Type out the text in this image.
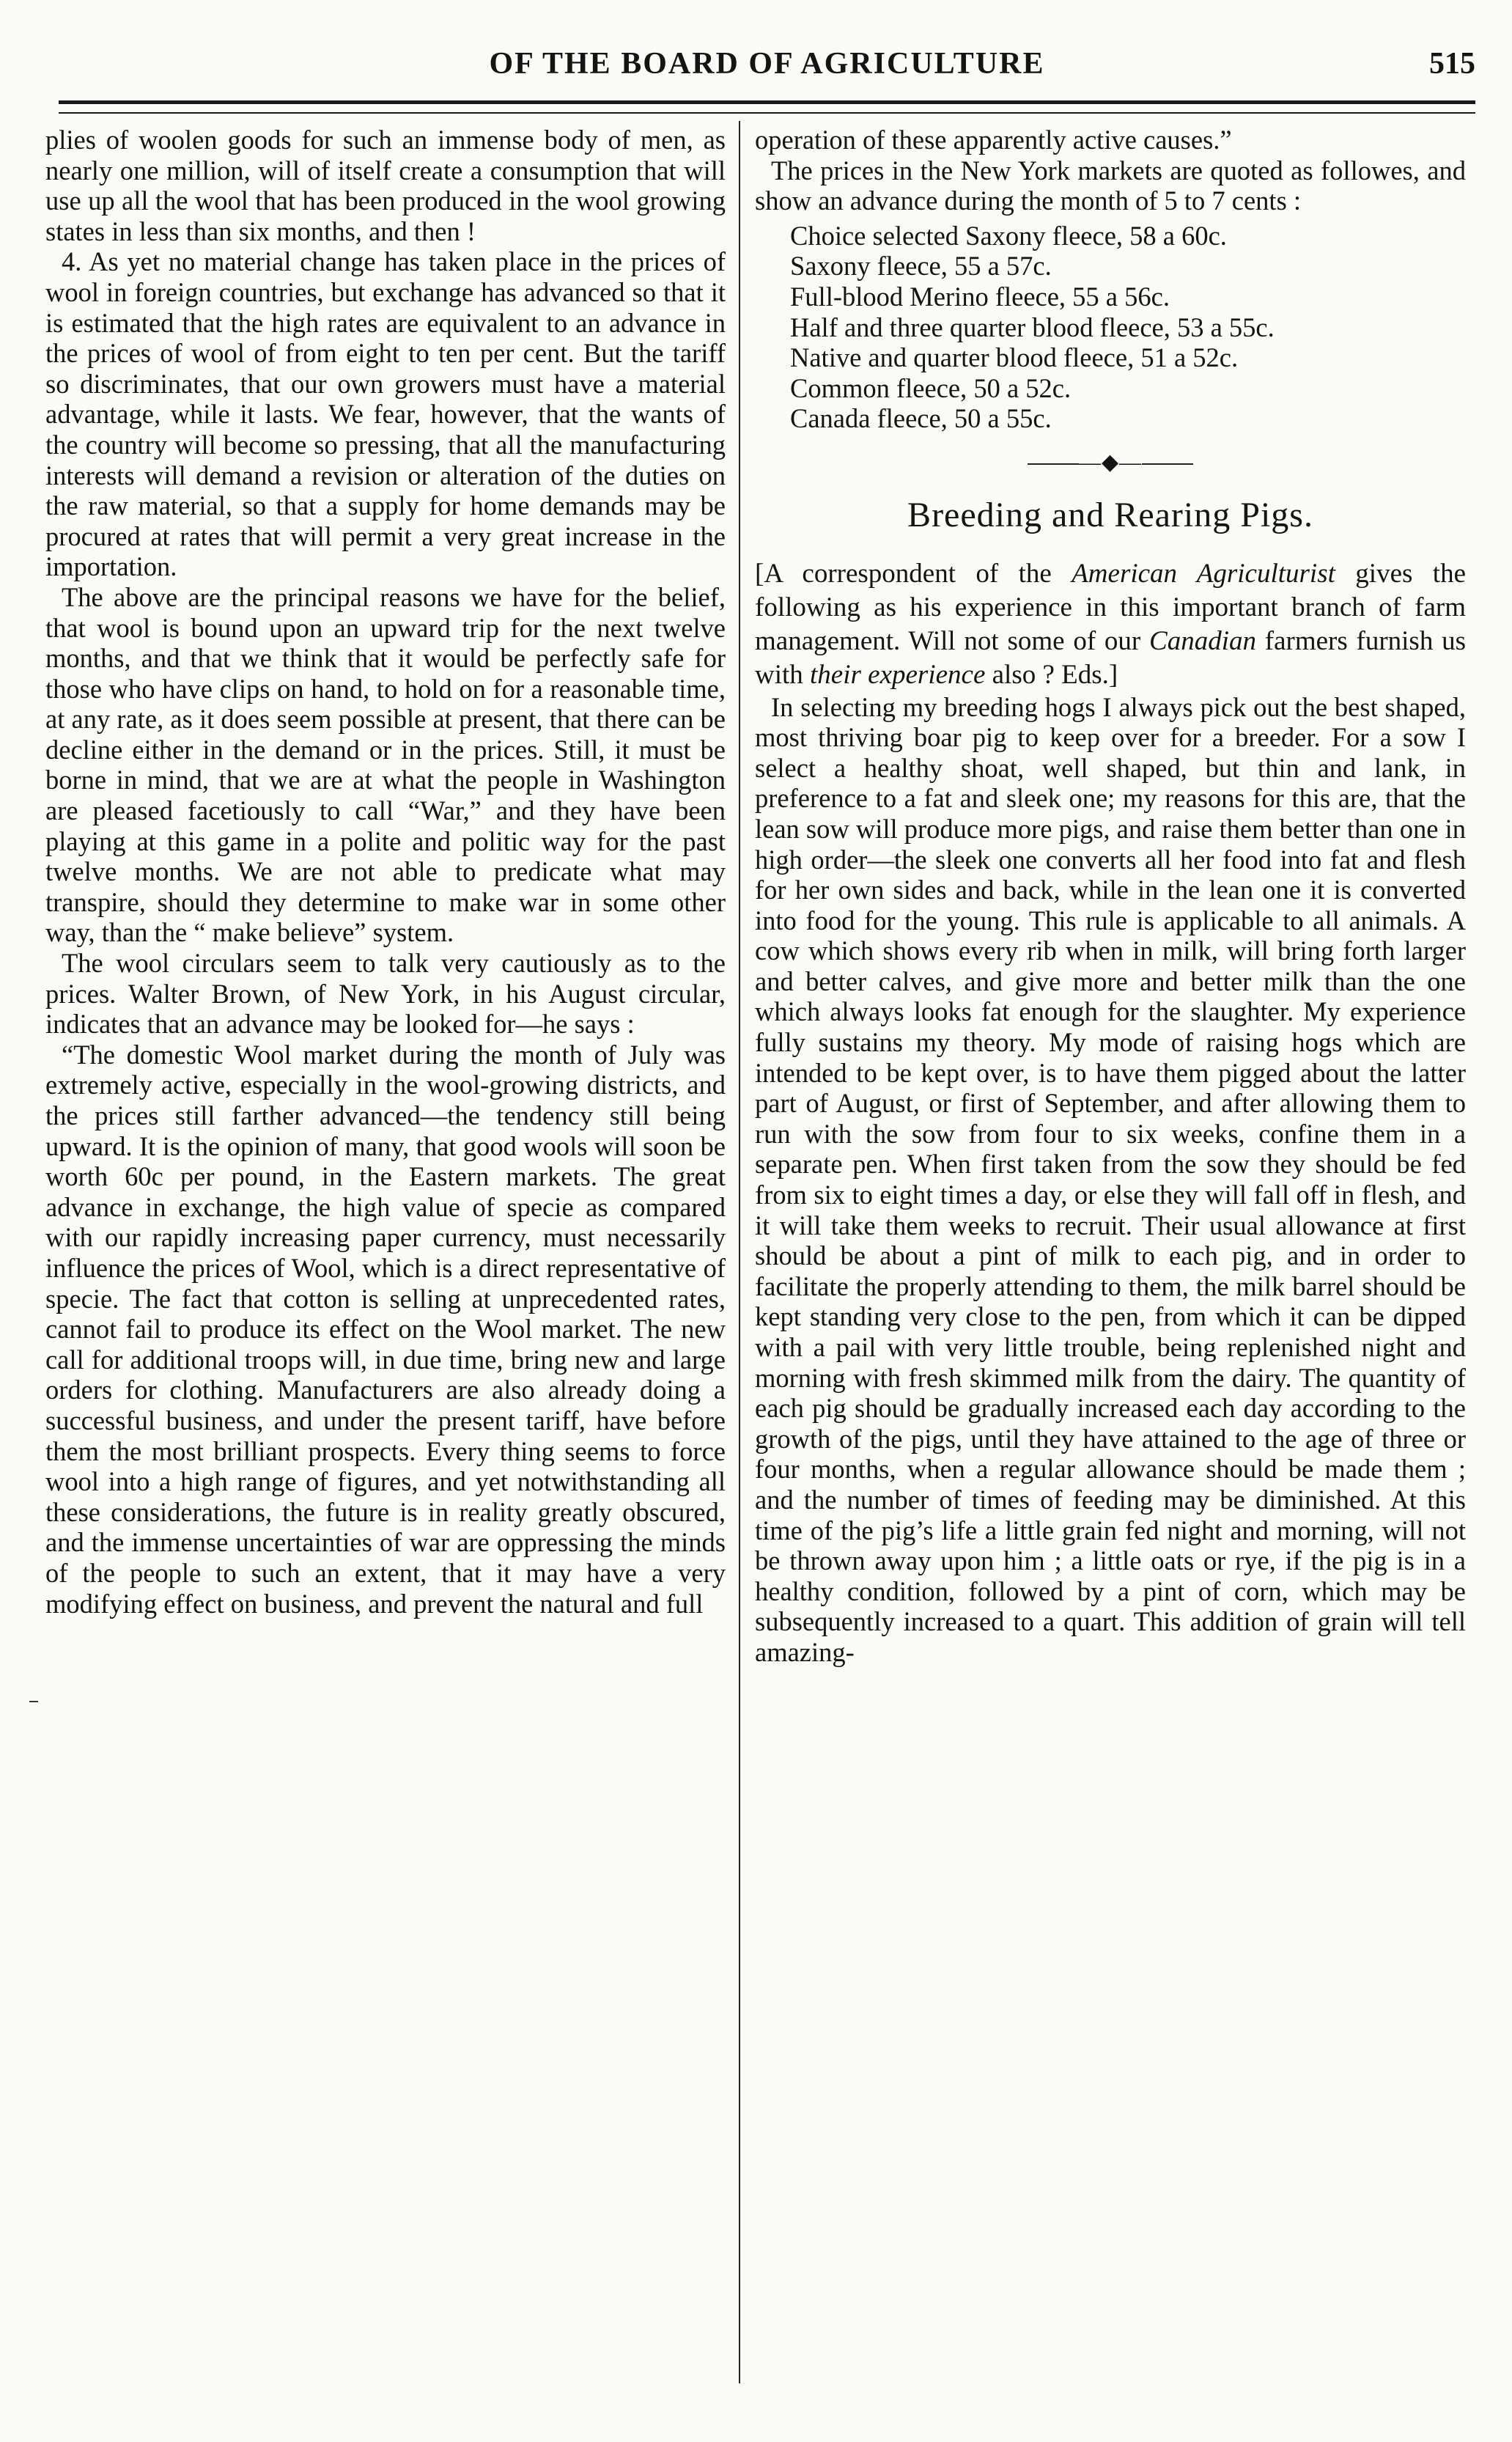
OF THE BOARD OF AGRICULTURE	515

plies of woolen goods for such an immense body of men, as nearly one million, will of itself create a consumption that will use up all the wool that has been produced in the wool growing states in less than six months, and then !

4. As yet no material change has taken place in the prices of wool in foreign countries, but exchange has advanced so that it is estimated that the high rates are equivalent to an advance in the prices of wool of from eight to ten per cent. But the tariff so discriminates, that our own growers must have a material advantage, while it lasts. We fear, however, that the wants of the country will become so pressing, that all the manufacturing interests will demand a revision or alteration of the duties on the raw material, so that a supply for home demands may be procured at rates that will permit a very great increase in the importation.

The above are the principal reasons we have for the belief, that wool is bound upon an upward trip for the next twelve months, and that we think that it would be perfectly safe for those who have clips on hand, to hold on for a reasonable time, at any rate, as it does seem possible at present, that there can be decline either in the demand or in the prices. Still, it must be borne in mind, that we are at what the people in Washington are pleased facetiously to call “War,” and they have been playing at this game in a polite and politic way for the past twelve months. We are not able to predicate what may transpire, should they determine to make war in some other way, than the “ make believe” system.

The wool circulars seem to talk very cautiously as to the prices. Walter Brown, of New York, in his August circular, indicates that an advance may be looked for—he says :

“The domestic Wool market during the month of July was extremely active, especially in the wool-growing districts, and the prices still farther advanced—the tendency still being upward. It is the opinion of many, that good wools will soon be worth 60c per pound, in the Eastern markets. The great advance in exchange, the high value of specie as compared with our rapidly increasing paper currency, must necessarily influence the prices of Wool, which is a direct representative of specie. The fact that cotton is selling at unprecedented rates, cannot fail to produce its effect on the Wool market. The new call for additional troops will, in due time, bring new and large orders for clothing. Manufacturers are also already doing a successful business, and under the present tariff, have before them the most brilliant prospects. Every thing seems to force wool into a high range of figures, and yet notwithstanding all these considerations, the future is in reality greatly obscured, and the immense uncertainties of war are oppressing the minds of the people to such an extent, that it may have a very modifying effect on business, and prevent the natural and full

operation of these apparently active causes.”

The prices in the New York markets are quoted as followes, and show an advance during the month of 5 to 7 cents :

Choice selected Saxony fleece, 58 a 60c.
Saxony fleece, 55 a 57c.
Full-blood Merino fleece, 55 a 56c.
Half and three quarter blood fleece, 53 a 55c.
Native and quarter blood fleece, 51 a 52c.
Common fleece, 50 a 52c.
Canada fleece, 50 a 55c.
—◆—
Breeding and Rearing Pigs.

[A correspondent of the American Agriculturist gives the following as his experience in this important branch of farm management. Will not some of our Canadian farmers furnish us with their experience also ? Eds.]

In selecting my breeding hogs I always pick out the best shaped, most thriving boar pig to keep over for a breeder. For a sow I select a healthy shoat, well shaped, but thin and lank, in preference to a fat and sleek one; my reasons for this are, that the lean sow will produce more pigs, and raise them better than one in high order—the sleek one converts all her food into fat and flesh for her own sides and back, while in the lean one it is converted into food for the young. This rule is applicable to all animals. A cow which shows every rib when in milk, will bring forth larger and better calves, and give more and better milk than the one which always looks fat enough for the slaughter. My experience fully sustains my theory. My mode of raising hogs which are intended to be kept over, is to have them pigged about the latter part of August, or first of September, and after allowing them to run with the sow from four to six weeks, confine them in a separate pen. When first taken from the sow they should be fed from six to eight times a day, or else they will fall off in flesh, and it will take them weeks to recruit. Their usual allowance at first should be about a pint of milk to each pig, and in order to facilitate the properly attending to them, the milk barrel should be kept standing very close to the pen, from which it can be dipped with a pail with very little trouble, being replenished night and morning with fresh skimmed milk from the dairy. The quantity of each pig should be gradually increased each day according to the growth of the pigs, until they have attained to the age of three or four months, when a regular allowance should be made them ; and the number of times of feeding may be diminished. At this time of the pig’s life a little grain fed night and morning, will not be thrown away upon him ; a little oats or rye, if the pig is in a healthy condition, followed by a pint of corn, which may be subsequently increased to a quart. This addition of grain will tell amazing-
